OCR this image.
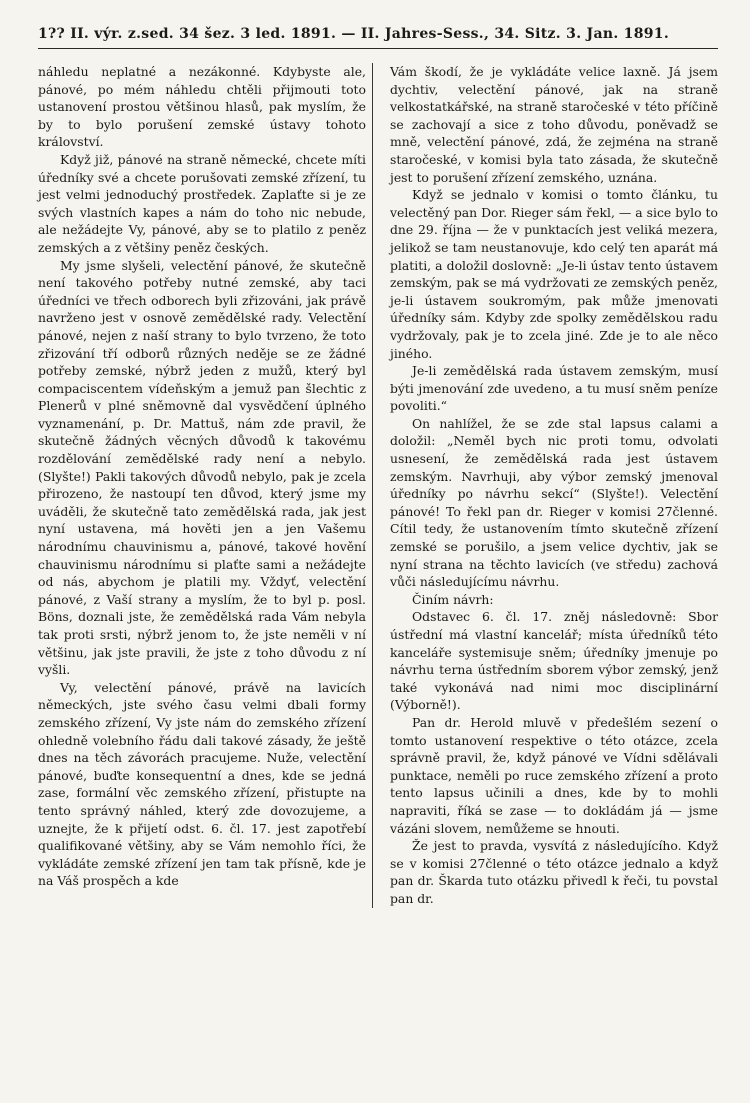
1?? II. výr. z.sed. 34 šez. 3 led. 1891. — II. Jahres-Sess., 34. Sitz. 3. Jan. 1891.

náhledu neplatné a nezákonné. Kdybyste ale, pánové, po mém náhledu chtěli přijmouti toto ustanovení prostou většinou hlasů, pak myslím, že by to bylo porušení zemské ústavy tohoto království.

Když již, pánové na straně německé, chcete míti úředníky své a chcete porušovati zemské zřízení, tu jest velmi jednoduchý prostředek. Zaplaťte si je ze svých vlastních kapes a nám do toho nic nebude, ale nežádejte Vy, pánové, aby se to platilo z peněz zemských a z většiny peněz českých.

My jsme slyšeli, velectění pánové, že skutečně není takového potřeby nutné zemské, aby taci úředníci ve třech odborech byli zřizováni, jak právě navrženo jest v osnově zemědělské rady. Velectění pánové, nejen z naší strany to bylo tvrzeno, že toto zřizování tří odborů různých neděje se ze žádné potřeby zemské, nýbrž jeden z mužů, který byl compaciscentem vídeňským a jemuž pan šlechtic z Plenerů v plné sněmovně dal vysvědčení úplného vyznamenání, p. Dr. Mattuš, nám zde pravil, že skutečně žádných věcných důvodů k takovému rozdělování zemědělské rady není a nebylo. (Slyšte!) Pakli takových důvodů nebylo, pak je zcela přirozeno, že nastoupí ten důvod, který jsme my uváděli, že skutečně tato zemědělská rada, jak jest nyní ustavena, má hověti jen a jen Vašemu národnímu chauvinismu a, pánové, takové hovění chauvinismu národnímu si plaťte sami a nežádejte od nás, abychom je platili my. Vždyť, velectění pánové, z Vaší strany a myslím, že to byl p. posl. Böns, doznali jste, že zemědělská rada Vám nebyla tak proti srsti, nýbrž jenom to, že jste neměli v ní většinu, jak jste pravili, že jste z toho důvodu z ní vyšli.

Vy, velectění pánové, právě na lavicích německých, jste svého času velmi dbali formy zemského zřízení, Vy jste nám do zemského zřízení ohledně volebního řádu dali takové zásady, že ještě dnes na těch závorách pracujeme. Nuže, velectění pánové, buďte konsequentní a dnes, kde se jedná zase, formální věc zemského zřízení, přistupte na tento správný náhled, který zde dovozujeme, a uznejte, že k přijetí odst. 6. čl. 17. jest zapotřebí qualifikované většiny, aby se Vám nemohlo říci, že vykládáte zemské zřízení jen tam tak přísně, kde je na Váš prospěch a kde

Vám škodí, že je vykládáte velice laxně. Já jsem dychtiv, velectění pánové, jak na straně velkostatkářské, na straně staročeské v této příčině se zachovají a sice z toho důvodu, poněvadž se mně, velectění pánové, zdá, že zejména na straně staročeské, v komisi byla tato zásada, že skutečně jest to porušení zřízení zemského, uznána.

Když se jednalo v komisi o tomto článku, tu velectěný pan Dor. Rieger sám řekl, — a sice bylo to dne 29. října — že v punktacích jest veliká mezera, jelikož se tam neustanovuje, kdo celý ten aparát má platiti, a doložil doslovně: „Je-li ústav tento ústavem zemským, pak se má vydržovati ze zemských peněz, je-li ústavem soukromým, pak může jmenovati úředníky sám. Kdyby zde spolky zemědělskou radu vydržovaly, pak je to zcela jiné. Zde je to ale něco jiného.

Je-li zemědělská rada ústavem zemským, musí býti jmenování zde uvedeno, a tu musí sněm peníze povoliti.“

On nahlížel, že se zde stal lapsus calami a doložil: „Neměl bych nic proti tomu, odvolati usnesení, že zemědělská rada jest ústavem zemským. Navrhuji, aby výbor zemský jmenoval úředníky po návrhu sekcí“ (Slyšte!). Velectění pánové! To řekl pan dr. Rieger v komisi 27členné. Cítil tedy, že ustanovením tímto skutečně zřízení zemské se porušilo, a jsem velice dychtiv, jak se nyní strana na těchto lavicích (ve středu) zachová vůči následujícímu návrhu.

Činím návrh:

Odstavec 6. čl. 17. zněj následovně: Sbor ústřední má vlastní kancelář; místa úředníků této kanceláře systemisuje sněm; úředníky jmenuje po návrhu terna ústředním sborem výbor zemský, jenž také vykonává nad nimi moc disciplinární (Výborně!).

Pan dr. Herold mluvě v předešlém sezení o tomto ustanovení respektive o této otázce, zcela správně pravil, že, když pánové ve Vídni sdělávali punktace, neměli po ruce zemského zřízení a proto tento lapsus učinili a dnes, kde by to mohli napraviti, říká se zase — to dokládám já — jsme vázáni slovem, nemůžeme se hnouti.

Že jest to pravda, vysvítá z následujícího. Když se v komisi 27členné o této otázce jednalo a když pan dr. Škarda tuto otázku přivedl k řeči, tu povstal pan dr.
